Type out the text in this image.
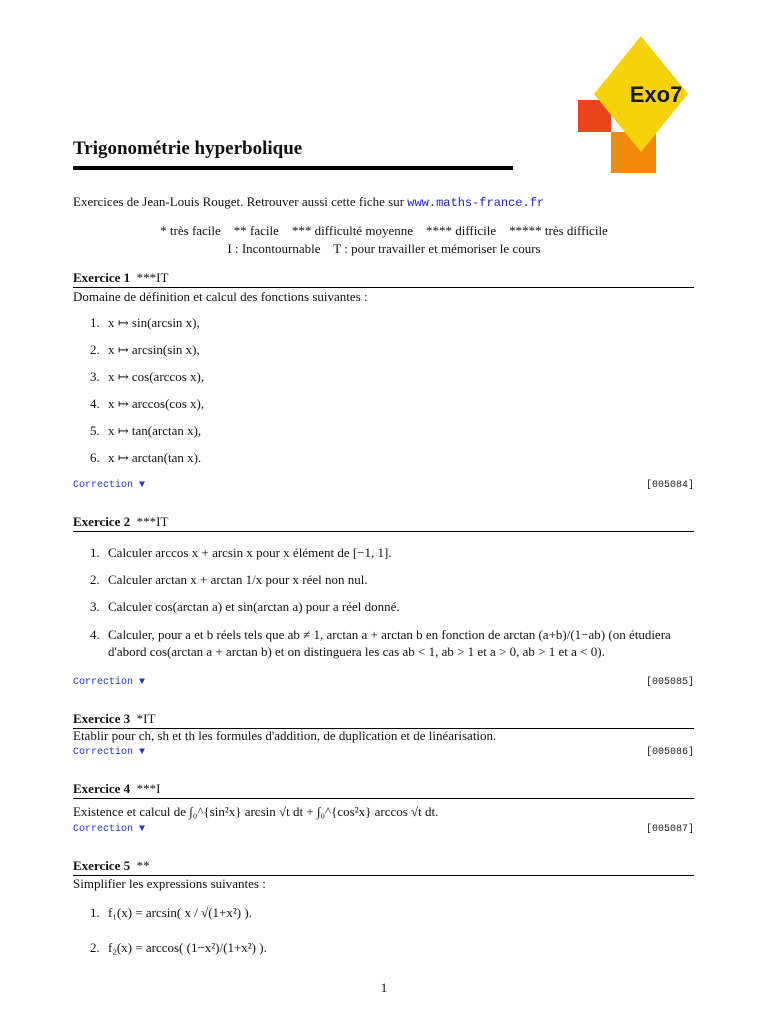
Exo7
Trigonométrie hyperbolique
Exercices de Jean-Louis Rouget. Retrouver aussi cette fiche sur www.maths-france.fr
* très facile    ** facile    *** difficulté moyenne    **** difficile    ***** très difficile
I : Incontournable    T : pour travailler et mémoriser le cours
Exercice 1 ***IT
Domaine de définition et calcul des fonctions suivantes :
1. x ↦ sin(arcsin x),
2. x ↦ arcsin(sin x),
3. x ↦ cos(arccos x),
4. x ↦ arccos(cos x),
5. x ↦ tan(arctan x),
6. x ↦ arctan(tan x).
Correction ▼	[005084]
Exercice 2 ***IT
1. Calculer arccos x + arcsin x pour x élément de [−1, 1].
2. Calculer arctan x + arctan 1/x pour x réel non nul.
3. Calculer cos(arctan a) et sin(arctan a) pour a réel donné.
4. Calculer, pour a et b réels tels que ab ≠ 1, arctan a + arctan b en fonction de arctan (a+b)/(1−ab) (on étudiera d'abord cos(arctan a + arctan b) et on distinguera les cas ab < 1, ab > 1 et a > 0, ab > 1 et a < 0).
Correction ▼	[005085]
Exercice 3 *IT
Etablir pour ch, sh et th les formules d'addition, de duplication et de linéarisation.
Correction ▼	[005086]
Exercice 4 ***I
Existence et calcul de ∫₀^{sin²x} arcsin √t dt + ∫₀^{cos²x} arccos √t dt.
Correction ▼	[005087]
Exercice 5 **
Simplifier les expressions suivantes :
1. f₁(x) = arcsin( x / √(1+x²) ).
2. f₂(x) = arccos( (1−x²)/(1+x²) ).
1
